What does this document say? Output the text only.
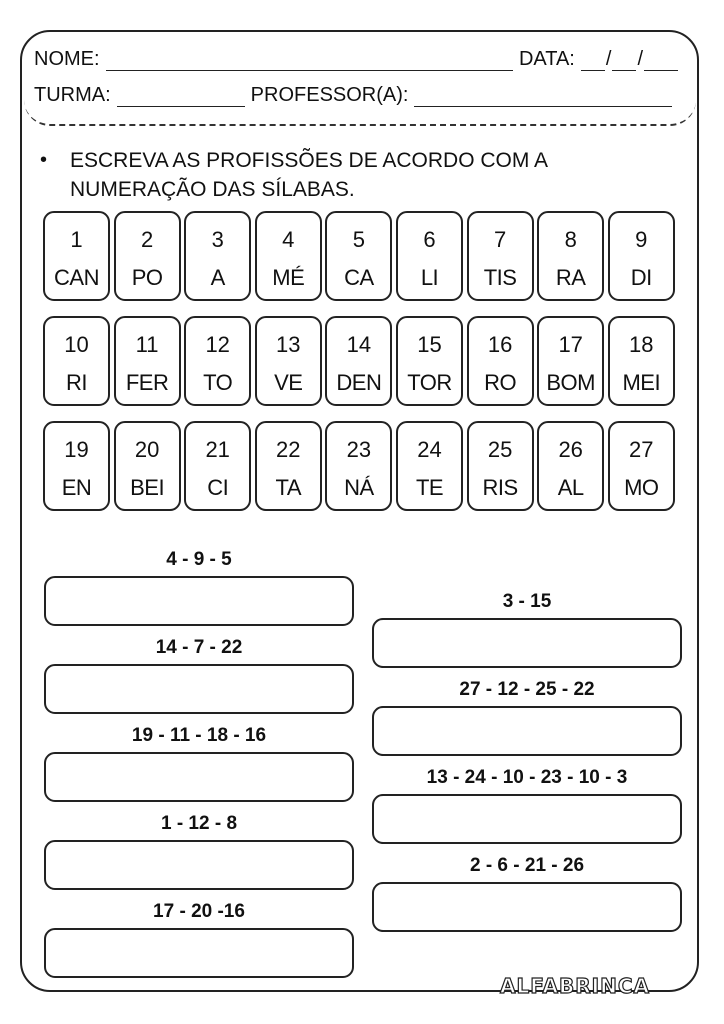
NOME:	DATA: / /
TURMA:	PROFESSOR(A):
•	ESCREVA AS PROFISSÕES DE ACORDO COM A
NUMERAÇÃO DAS SÍLABAS.
1
CAN
2
PO
3
A
4
MÉ
5
CA
6
LI
7
TIS
8
RA
9
DI
10
RI
11
FER
12
TO
13
VE
14
DEN
15
TOR
16
RO
17
BOM
18
MEI
19
EN
20
BEI
21
CI
22
TA
23
NÁ
24
TE
25
RIS
26
AL
27
MO
4 - 9 - 5
14 - 7 - 22
19 - 11 - 18 - 16
1 - 12 - 8
17 - 20 -16
3 - 15
27 - 12 - 25 - 22
13 - 24 - 10 - 23 - 10 - 3
2 - 6 - 21 - 26
ALFABRINCA
